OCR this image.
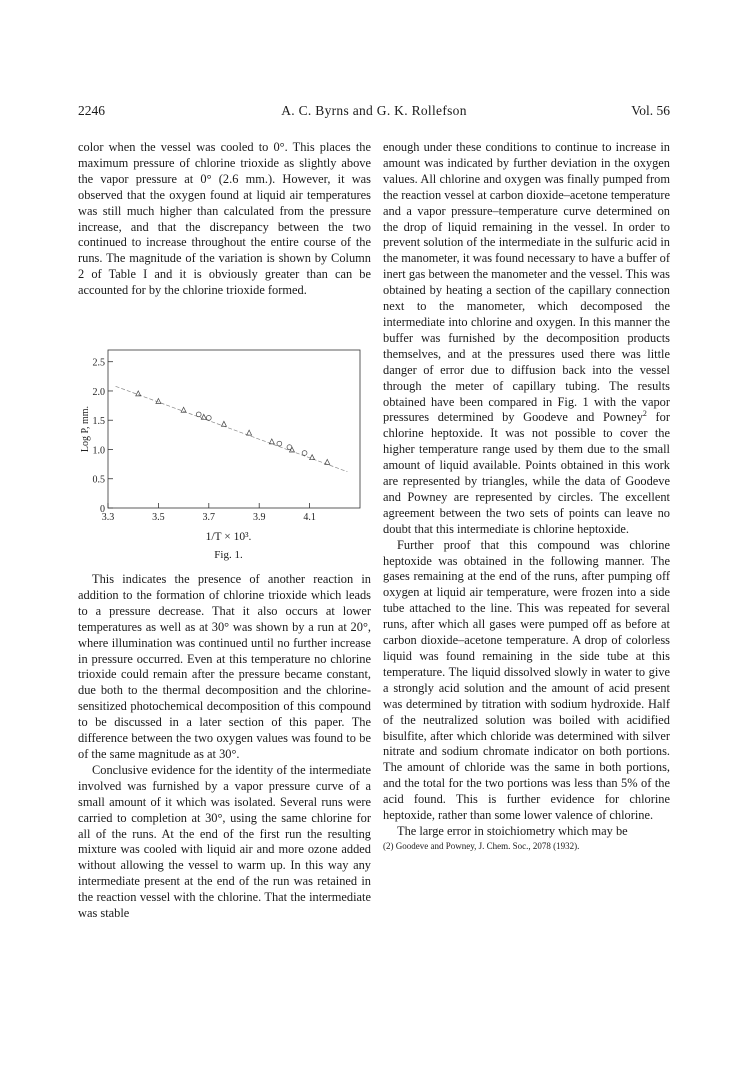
2246	A. C. Byrns and G. K. Rollefson	Vol. 56

color when the vessel was cooled to 0°. This places the maximum pressure of chlorine trioxide as slightly above the vapor pressure at 0° (2.6 mm.). However, it was observed that the oxygen found at liquid air temperatures was still much higher than calculated from the pressure increase, and that the discrepancy between the two continued to increase throughout the entire course of the runs. The magnitude of the variation is shown by Column 2 of Table I and it is obviously greater than can be accounted for by the chlorine trioxide formed.

0
0.5
1.0
1.5
2.0
2.5
3.3	3.5	3.7	3.9	4.1
Log P, mm.
1/T × 10³.
Fig. 1.

This indicates the presence of another reaction in addition to the formation of chlorine trioxide which leads to a pressure decrease. That it also occurs at lower temperatures as well as at 30° was shown by a run at 20°, where illumination was continued until no further increase in pressure occurred. Even at this temperature no chlorine trioxide could remain after the pressure became constant, due both to the thermal decomposition and the chlorine-sensitized photochemical decomposition of this compound to be discussed in a later section of this paper. The difference between the two oxygen values was found to be of the same magnitude as at 30°.

Conclusive evidence for the identity of the intermediate involved was furnished by a vapor pressure curve of a small amount of it which was isolated. Several runs were carried to completion at 30°, using the same chlorine for all of the runs. At the end of the first run the resulting mixture was cooled with liquid air and more ozone added without allowing the vessel to warm up. In this way any intermediate present at the end of the run was retained in the reaction vessel with the chlorine. That the intermediate was stable

enough under these conditions to continue to increase in amount was indicated by further deviation in the oxygen values. All chlorine and oxygen was finally pumped from the reaction vessel at carbon dioxide–acetone temperature and a vapor pressure–temperature curve determined on the drop of liquid remaining in the vessel. In order to prevent solution of the intermediate in the sulfuric acid in the manometer, it was found necessary to have a buffer of inert gas between the manometer and the vessel. This was obtained by heating a section of the capillary connection next to the manometer, which decomposed the intermediate into chlorine and oxygen. In this manner the buffer was furnished by the decomposition products themselves, and at the pressures used there was little danger of error due to diffusion back into the vessel through the meter of capillary tubing. The results obtained have been compared in Fig. 1 with the vapor pressures determined by Goodeve and Powney$^2$ for chlorine heptoxide. It was not possible to cover the higher temperature range used by them due to the small amount of liquid available. Points obtained in this work are represented by triangles, while the data of Goodeve and Powney are represented by circles. The excellent agreement between the two sets of points can leave no doubt that this intermediate is chlorine heptoxide.

Further proof that this compound was chlorine heptoxide was obtained in the following manner. The gases remaining at the end of the runs, after pumping off oxygen at liquid air temperature, were frozen into a side tube attached to the line. This was repeated for several runs, after which all gases were pumped off as before at carbon dioxide–acetone temperature. A drop of colorless liquid was found remaining in the side tube at this temperature. The liquid dissolved slowly in water to give a strongly acid solution and the amount of acid present was determined by titration with sodium hydroxide. Half of the neutralized solution was boiled with acidified bisulfite, after which chloride was determined with silver nitrate and sodium chromate indicator on both portions. The amount of chloride was the same in both portions, and the total for the two portions was less than 5% of the acid found. This is further evidence for chlorine heptoxide, rather than some lower valence of chlorine.

The large error in stoichiometry which may be

(2) Goodeve and Powney, J. Chem. Soc., 2078 (1932).
